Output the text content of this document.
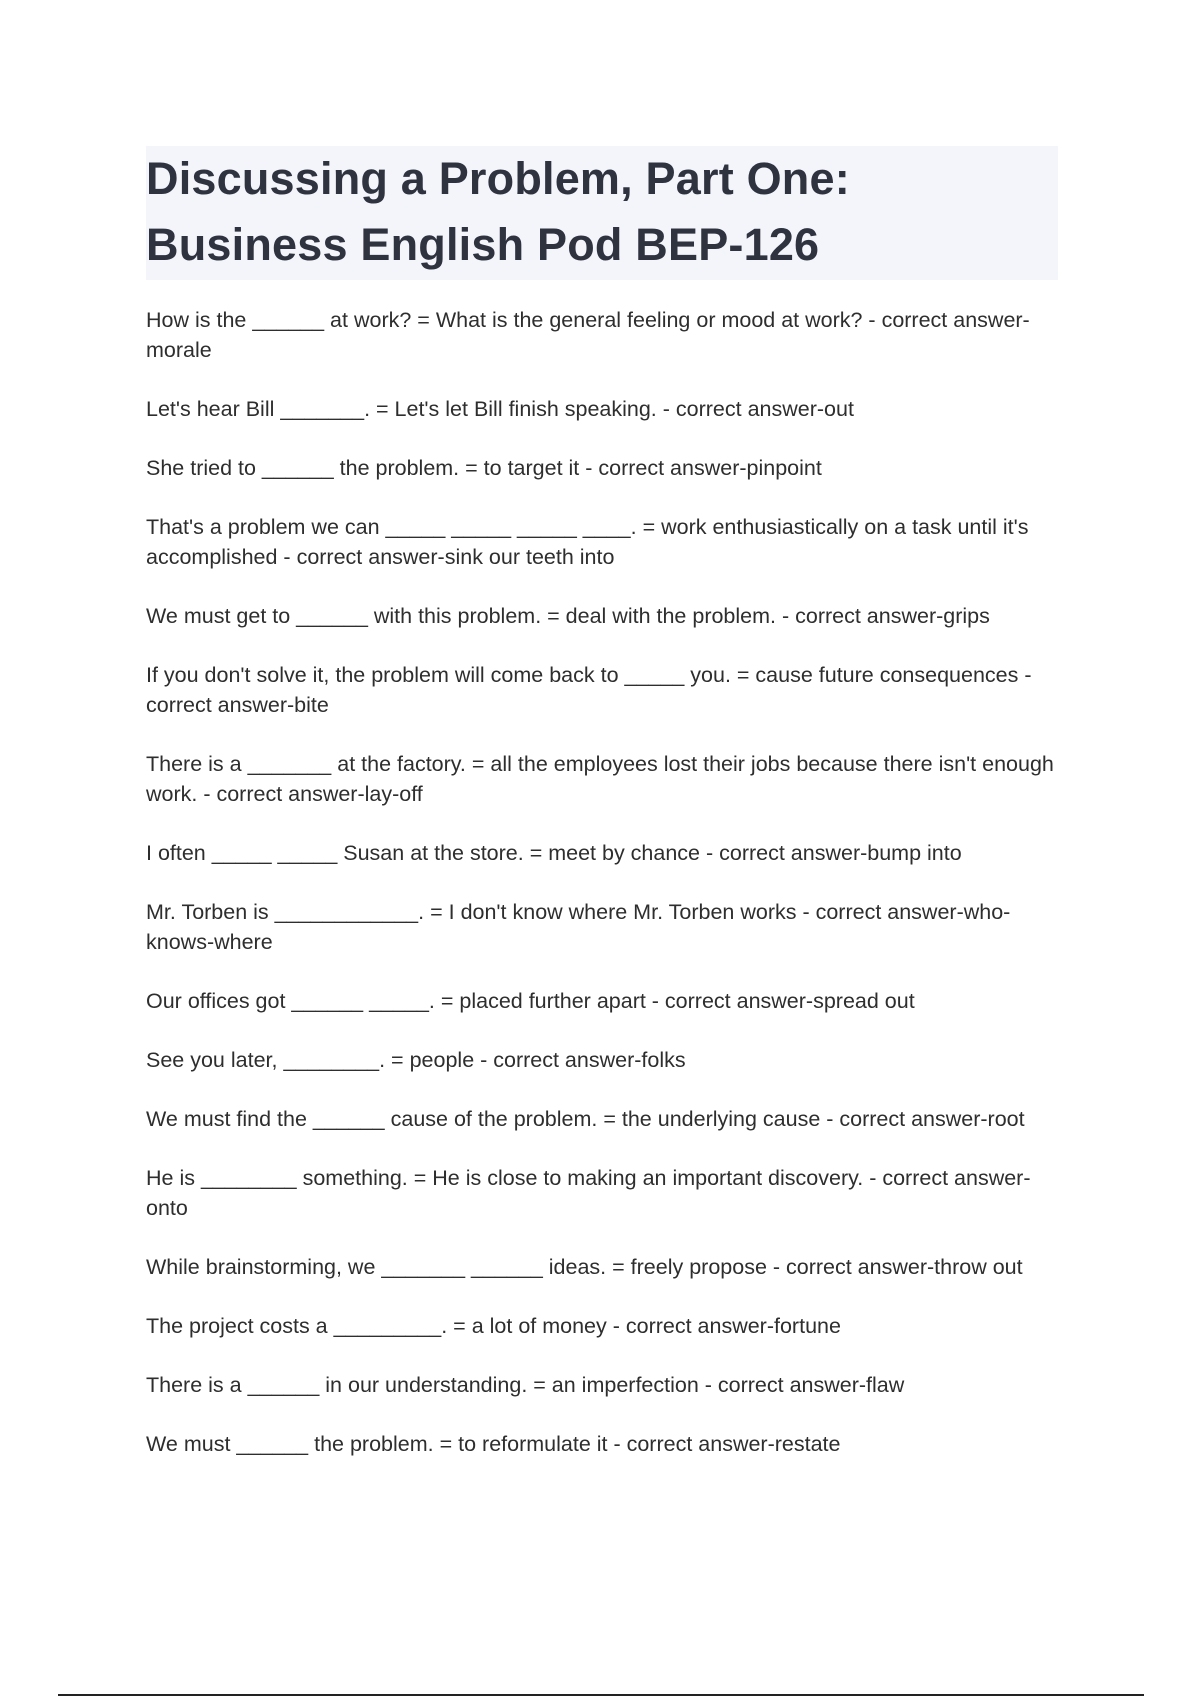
Discussing a Problem, Part One:
Business English Pod BEP-126
How is the ______ at work? = What is the general feeling or mood at work? - correct answer-morale
Let's hear Bill _______. = Let's let Bill finish speaking. - correct answer-out
She tried to ______ the problem. = to target it - correct answer-pinpoint
That's a problem we can _____ _____ _____ ____. = work enthusiastically on a task until it's accomplished - correct answer-sink our teeth into
We must get to ______ with this problem. = deal with the problem. - correct answer-grips
If you don't solve it, the problem will come back to _____ you. = cause future consequences - correct answer-bite
There is a _______ at the factory. = all the employees lost their jobs because there isn't enough work. - correct answer-lay-off
I often _____ _____ Susan at the store. = meet by chance - correct answer-bump into
Mr. Torben is ____________. = I don't know where Mr. Torben works - correct answer-who-knows-where
Our offices got ______ _____. = placed further apart - correct answer-spread out
See you later, ________. = people - correct answer-folks
We must find the ______ cause of the problem. = the underlying cause - correct answer-root
He is ________ something. = He is close to making an important discovery. - correct answer-onto
While brainstorming, we _______ ______ ideas. = freely propose - correct answer-throw out
The project costs a _________. = a lot of money - correct answer-fortune
There is a ______ in our understanding. = an imperfection - correct answer-flaw
We must ______ the problem. = to reformulate it - correct answer-restate
